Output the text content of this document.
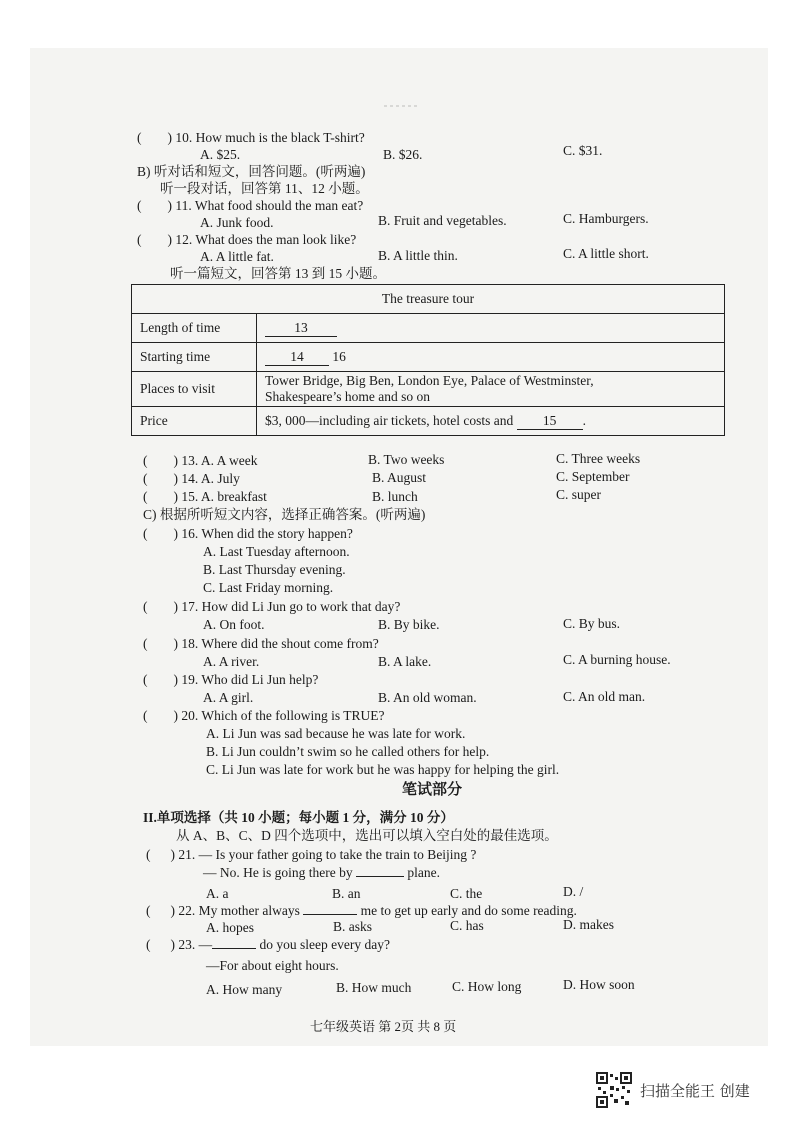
( ) 10. How much is the black T-shirt?
A. $25.	B. $26.	C. $31.
B) 听对话和短文，回答问题。(听两遍)
听一段对话，回答第 11、12 小题。
( ) 11. What food should the man eat?
A. Junk food.	B. Fruit and vegetables.	C. Hamburgers.
( ) 12. What does the man look like?
A. A little fat.	B. A little thin.	C. A little short.
听一篇短文，回答第 13 到 15 小题。
The treasure tour	
Length of time	13
Starting time	14 16
Places to visit	Tower Bridge, Big Ben, London Eye, Palace of Westminster,
Shakespeare’s home and so on

Price	$3, 000—including air tickets, hotel costs and 15 .
( ) 13. A. A week	B. Two weeks	C. Three weeks
( ) 14. A. July	B. August	C. September
( ) 15. A. breakfast	B. lunch	C. super
C) 根据所听短文内容，选择正确答案。(听两遍)
( ) 16. When did the story happen?
A. Last Tuesday afternoon.
B. Last Thursday evening.
C. Last Friday morning.
( ) 17. How did Li Jun go to work that day?
A. On foot.	B. By bike.	C. By bus.
( ) 18. Where did the shout come from?
A. A river.	B. A lake.	C. A burning house.
( ) 19. Who did Li Jun help?
A. A girl.	B. An old woman.	C. An old man.
( ) 20. Which of the following is TRUE?
A. Li Jun was sad because he was late for work.
B. Li Jun couldn’t swim so he called others for help.
C. Li Jun was late for work but he was happy for helping the girl.
笔试部分
II.单项选择（共 10 小题；每小题 1 分，满分 10 分）
从 A、B、C、D 四个选项中，选出可以填入空白处的最佳选项。
( ) 21. — Is your father going to take the train to Beijing ?
— No. He is going there by	plane.
A. a	B. an	C. the	D. /
( ) 22. My mother always	me to get up early and do some reading.
A. hopes	B. asks	C. has	D. makes
( ) 23. —	do you sleep every day?
—For about eight hours.
A. How many	B. How much	C. How long	D. How soon
七年级英语 第 2页 共 8 页
扫描全能王 创建
